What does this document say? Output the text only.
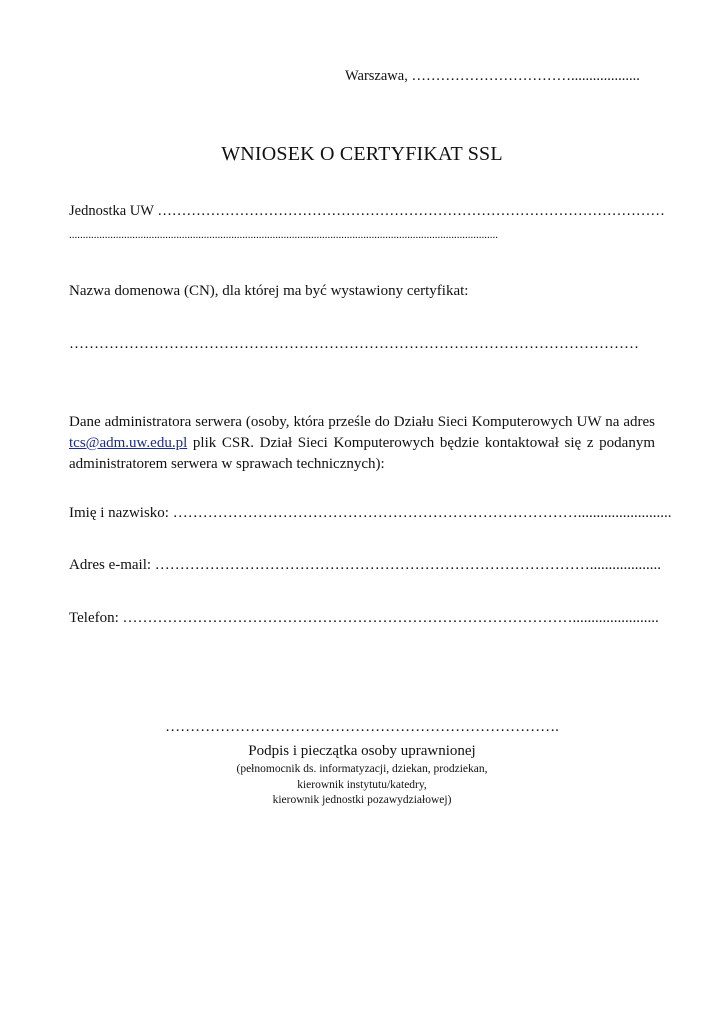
Warszawa, ……………………………...................
WNIOSEK O CERTYFIKAT SSL
Jednostka UW ……………………………………………………………………………………………
............................................................................................................................................................
Nazwa domenowa (CN), dla której ma być wystawiony certyfikat:
……………………………………………………………………………………………………
Dane administratora serwera (osoby, która prześle do Działu Sieci Komputerowych UW na adres tcs@adm.uw.edu.pl plik CSR. Dział Sieci Komputerowych będzie kontaktował się z podanym administratorem serwera w sprawach technicznych):
Imię i nazwisko: ……………………………………………………………………….........................
Adres e-mail: ……………………………………………………………………………...................
Telefon: ……………………………………………………………………………….......................
…………………………………………………………………….
Podpis i pieczątka osoby uprawnionej
(pełnomocnik ds. informatyzacji, dziekan, prodziekan,
kierownik instytutu/katedry,
kierownik jednostki pozawydziałowej)
